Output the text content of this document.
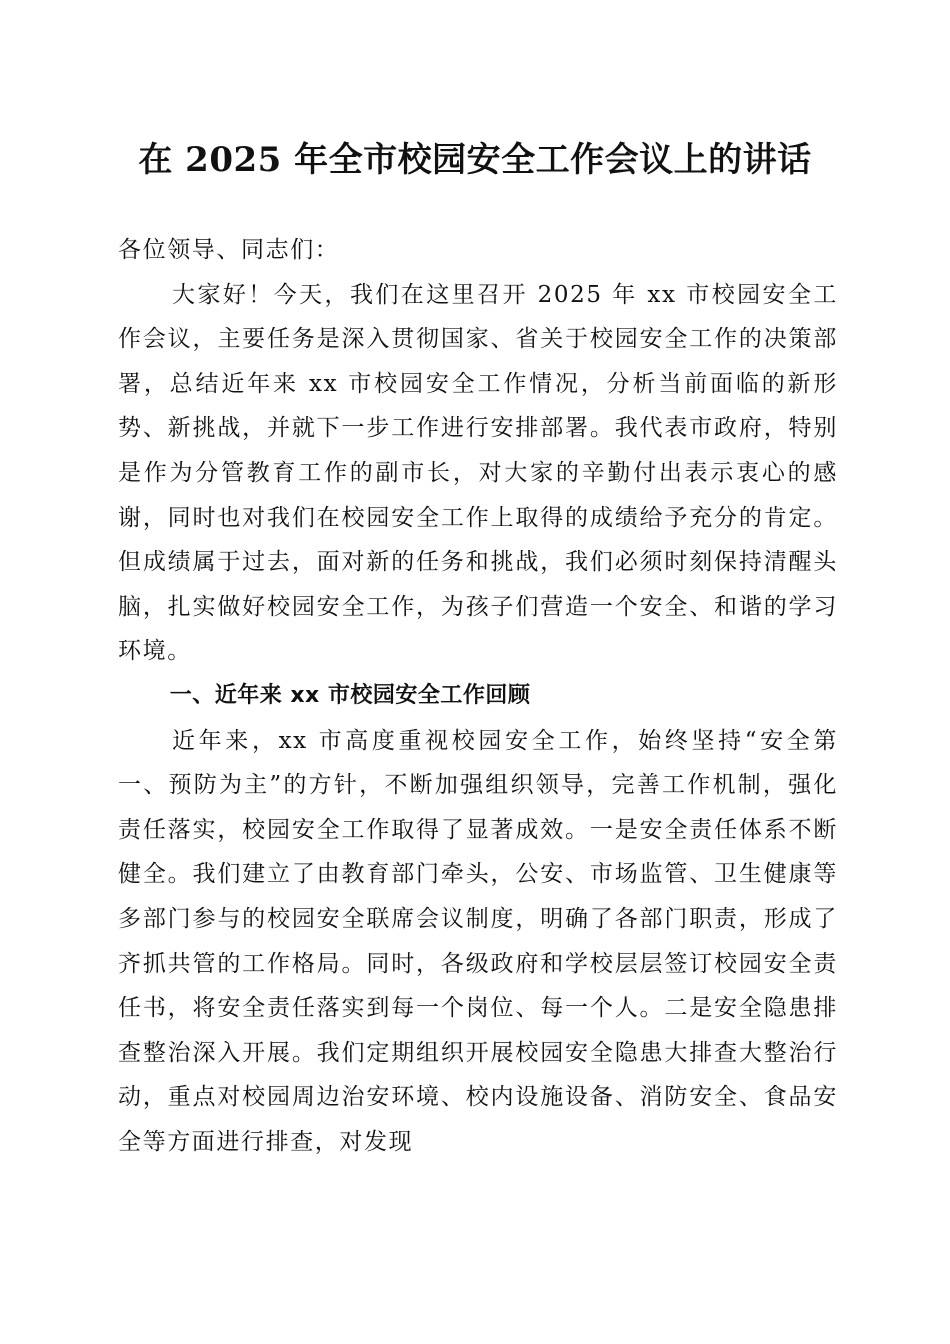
在 2025 年全市校园安全工作会议上的讲话

各位领导、同志们：

大家好！今天，我们在这里召开 2025 年 xx 市校园安全工作会议，主要任务是深入贯彻国家、省关于校园安全工作的决策部署，总结近年来 xx 市校园安全工作情况，分析当前面临的新形势、新挑战，并就下一步工作进行安排部署。我代表市政府，特别是作为分管教育工作的副市长，对大家的辛勤付出表示衷心的感谢，同时也对我们在校园安全工作上取得的成绩给予充分的肯定。但成绩属于过去，面对新的任务和挑战，我们必须时刻保持清醒头脑，扎实做好校园安全工作，为孩子们营造一个安全、和谐的学习环境。

一、近年来 xx 市校园安全工作回顾

近年来，xx 市高度重视校园安全工作，始终坚持“安全第一、预防为主”的方针，不断加强组织领导，完善工作机制，强化责任落实，校园安全工作取得了显著成效。一是安全责任体系不断健全。我们建立了由教育部门牵头，公安、市场监管、卫生健康等多部门参与的校园安全联席会议制度，明确了各部门职责，形成了齐抓共管的工作格局。同时，各级政府和学校层层签订校园安全责任书，将安全责任落实到每一个岗位、每一个人。二是安全隐患排查整治深入开展。我们定期组织开展校园安全隐患大排查大整治行动，重点对校园周边治安环境、校内设施设备、消防安全、食品安全等方面进行排查，对发现
